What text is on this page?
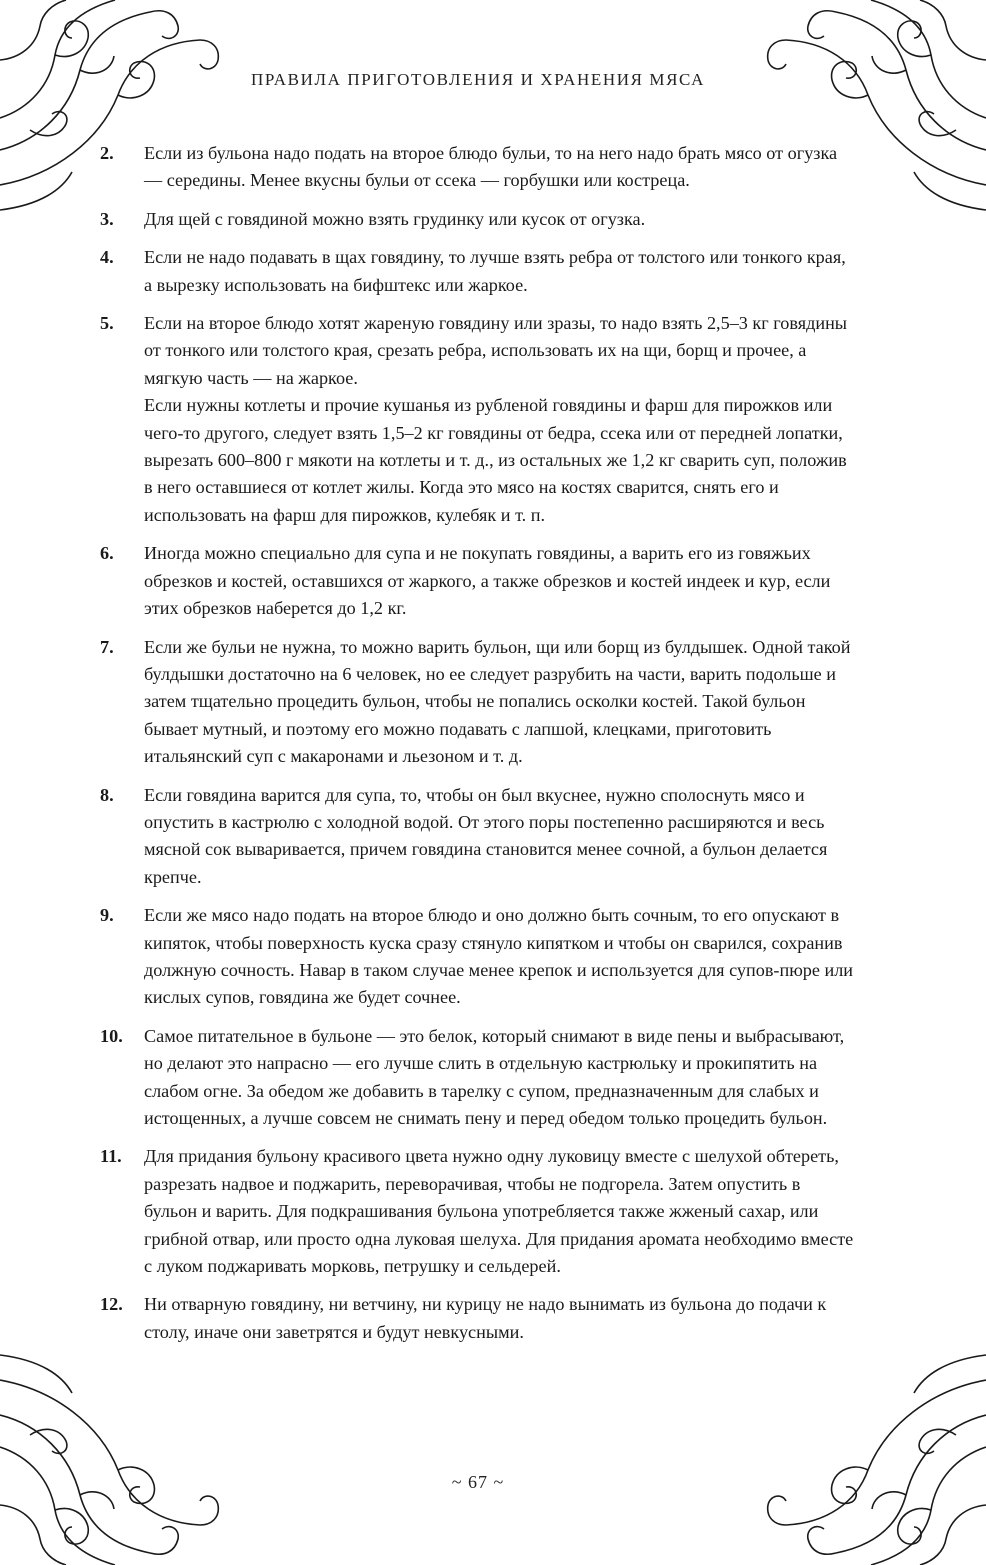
ПРАВИЛА ПРИГОТОВЛЕНИЯ И ХРАНЕНИЯ МЯСА
2.	Если из бульона надо подать на второе блюдо бульи, то на него надо брать мясо от огузка — середины. Менее вкусны бульи от ссека — горбушки или костреца.

3.	Для щей с говядиной можно взять грудинку или кусок от огузка.

4.	Если не надо подавать в щах говядину, то лучше взять ребра от толстого или тонкого края, а вырезку использовать на бифштекс или жаркое.

5.	Если на второе блюдо хотят жареную говядину или зразы, то надо взять 2,5–3 кг говядины от тонкого или толстого края, срезать ребра, использовать их на щи, борщ и прочее, а мягкую часть — на жаркое.

Если нужны котлеты и прочие кушанья из рубленой говядины и фарш для пирожков или чего-то другого, следует взять 1,5–2 кг говядины от бедра, ссека или от передней лопатки, вырезать 600–800 г мякоти на котлеты и т. д., из остальных же 1,2 кг сварить суп, положив в него оставшиеся от котлет жилы. Когда это мясо на костях сварится, снять его и использовать на фарш для пирожков, кулебяк и т. п.

6.	Иногда можно специально для супа и не покупать говядины, а варить его из говяжьих обрезков и костей, оставшихся от жаркого, а также обрезков и костей индеек и кур, если этих обрезков наберется до 1,2 кг.

7.	Если же бульи не нужна, то можно варить бульон, щи или борщ из булдышек. Одной такой булдышки достаточно на 6 человек, но ее следует разрубить на части, варить подольше и затем тщательно процедить бульон, чтобы не попались осколки костей. Такой бульон бывает мутный, и поэтому его можно подавать с лапшой, клецками, приготовить итальянский суп с макаронами и льезоном и т. д.

8.	Если говядина варится для супа, то, чтобы он был вкуснее, нужно сполоснуть мясо и опустить в кастрюлю с холодной водой. От этого поры постепенно расширяются и весь мясной сок вываривается, причем говядина становится менее сочной, а бульон делается крепче.

9.	Если же мясо надо подать на второе блюдо и оно должно быть сочным, то его опускают в кипяток, чтобы поверхность куска сразу стянуло кипятком и чтобы он сварился, сохранив должную сочность. Навар в таком случае менее крепок и используется для супов-пюре или кислых супов, говядина же будет сочнее.

10.	Самое питательное в бульоне — это белок, который снимают в виде пены и выбрасывают, но делают это напрасно — его лучше слить в отдельную кастрюльку и прокипятить на слабом огне. За обедом же добавить в тарелку с супом, предназначенным для слабых и истощенных, а лучше совсем не снимать пену и перед обедом только процедить бульон.

11.	Для придания бульону красивого цвета нужно одну луковицу вместе с шелухой обтереть, разрезать надвое и поджарить, переворачивая, чтобы не подгорела. Затем опустить в бульон и варить. Для подкрашивания бульона употребляется также жженый сахар, или грибной отвар, или просто одна луковая шелуха. Для придания аромата необходимо вместе с луком поджаривать морковь, петрушку и сельдерей.

12.	Ни отварную говядину, ни ветчину, ни курицу не надо вынимать из бульона до подачи к столу, иначе они заветрятся и будут невкусными.

~ 67 ~
